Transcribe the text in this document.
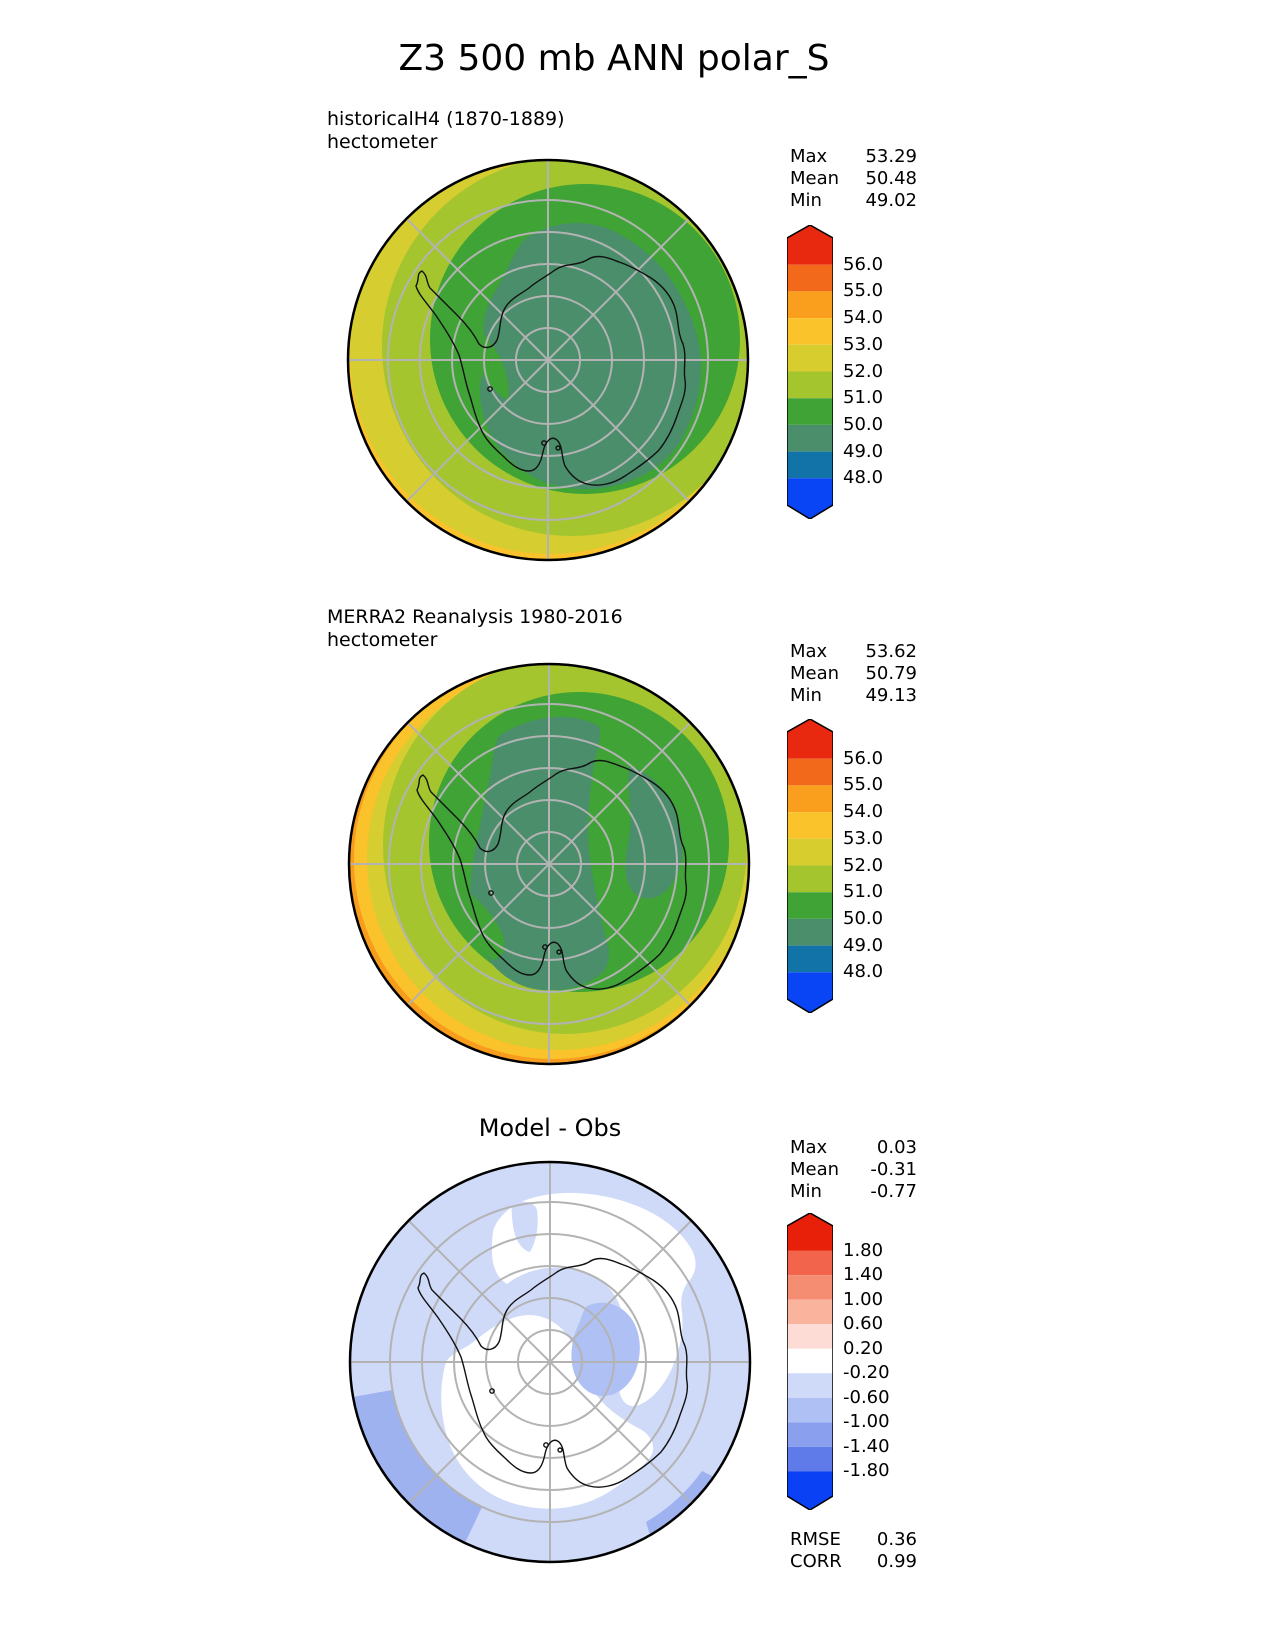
Z3 500 mb ANN polar_S
historicalH4 (1870-1889)
hectometer
Max 53.29
Mean 50.48
Min 49.02
56.0
55.0
54.0
53.0
52.0
51.0
50.0
49.0
48.0
MERRA2 Reanalysis 1980-2016
hectometer
Max 53.62
Mean 50.79
Min 49.13
56.0
55.0
54.0
53.0
52.0
51.0
50.0
49.0
48.0
Model - Obs
Max	0.03
Mean -0.31
Min	-0.77
1.80
1.40
1.00
0.60
0.20
-0.20
-0.60
-1.00
-1.40
-1.80
RMSE 0.36
CORR 0.99
